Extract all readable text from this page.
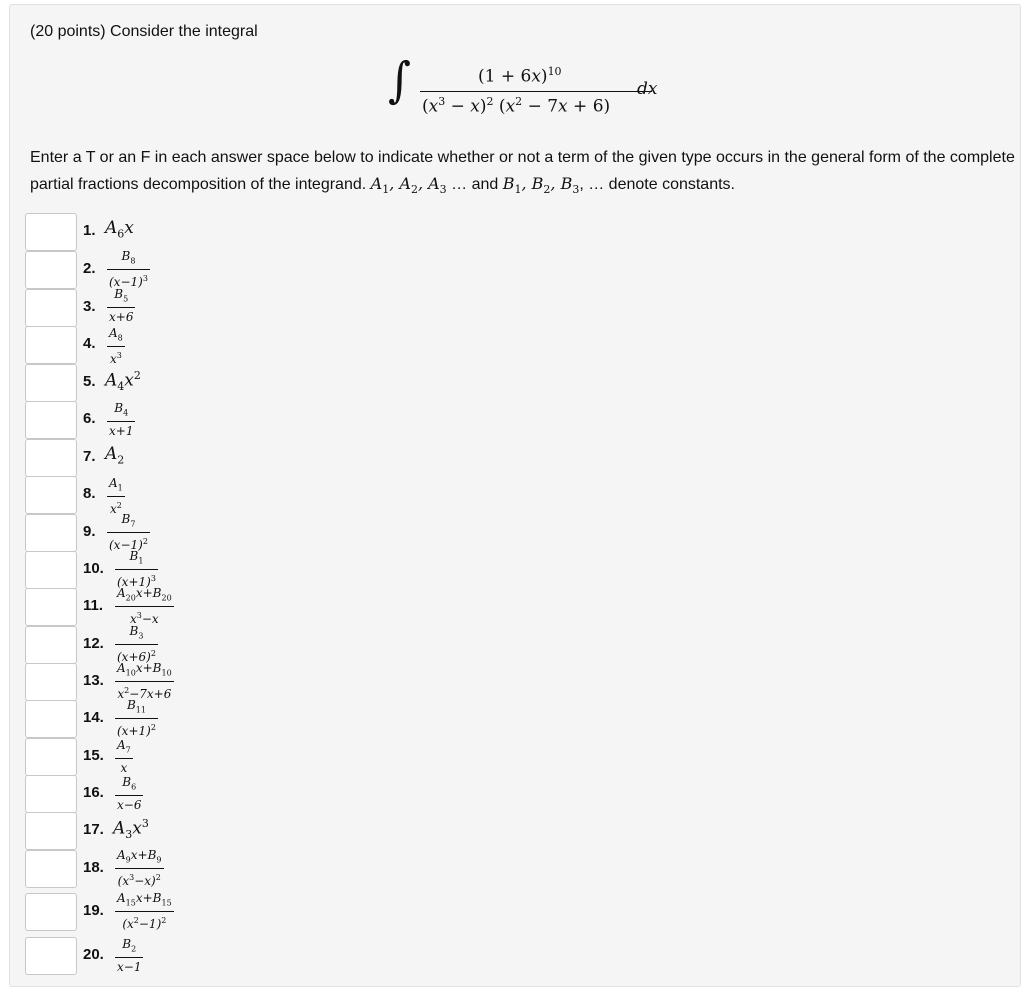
(20 points) Consider the integral
∫	$(1 + 6x)^{10}$
$(x^3 - x)^2$ $(x^2 - 7x + 6)$
dx
Enter a T or an F in each answer space below to indicate whether or not a term of the given type occurs in the general form of the complete partial fractions decomposition of the integrand. $A_1$, $A_2$, $A_3$ … and $B_1$, $B_2$, $B_3$, … denote constants.
1. $A_6x$
2. $\frac{B_8}{(x-1)^3}$
3. $\frac{B_5}{x+6}$
4. $\frac{A_8}{x^3}$
5. $A_4x^2$
6. $\frac{B_4}{x+1}$
7. $A_2$
8. $\frac{A_1}{x^2}$
9. $\frac{B_7}{(x-1)^2}$
10. $\frac{B_1}{(x+1)^3}$
11. $\frac{A_{20}x+B_{20}}{x^3-x}$
12. $\frac{B_3}{(x+6)^2}$
13. $\frac{A_{10}x+B_{10}}{x^2-7x+6}$
14. $\frac{B_{11}}{(x+1)^2}$
15. $\frac{A_7}{x}$
16. $\frac{B_6}{x-6}$
17. $A_3x^3$
18. $\frac{A_9x+B_9}{(x^3-x)^2}$
19. $\frac{A_{15}x+B_{15}}{(x^2-1)^2}$
20. $\frac{B_2}{x-1}$
